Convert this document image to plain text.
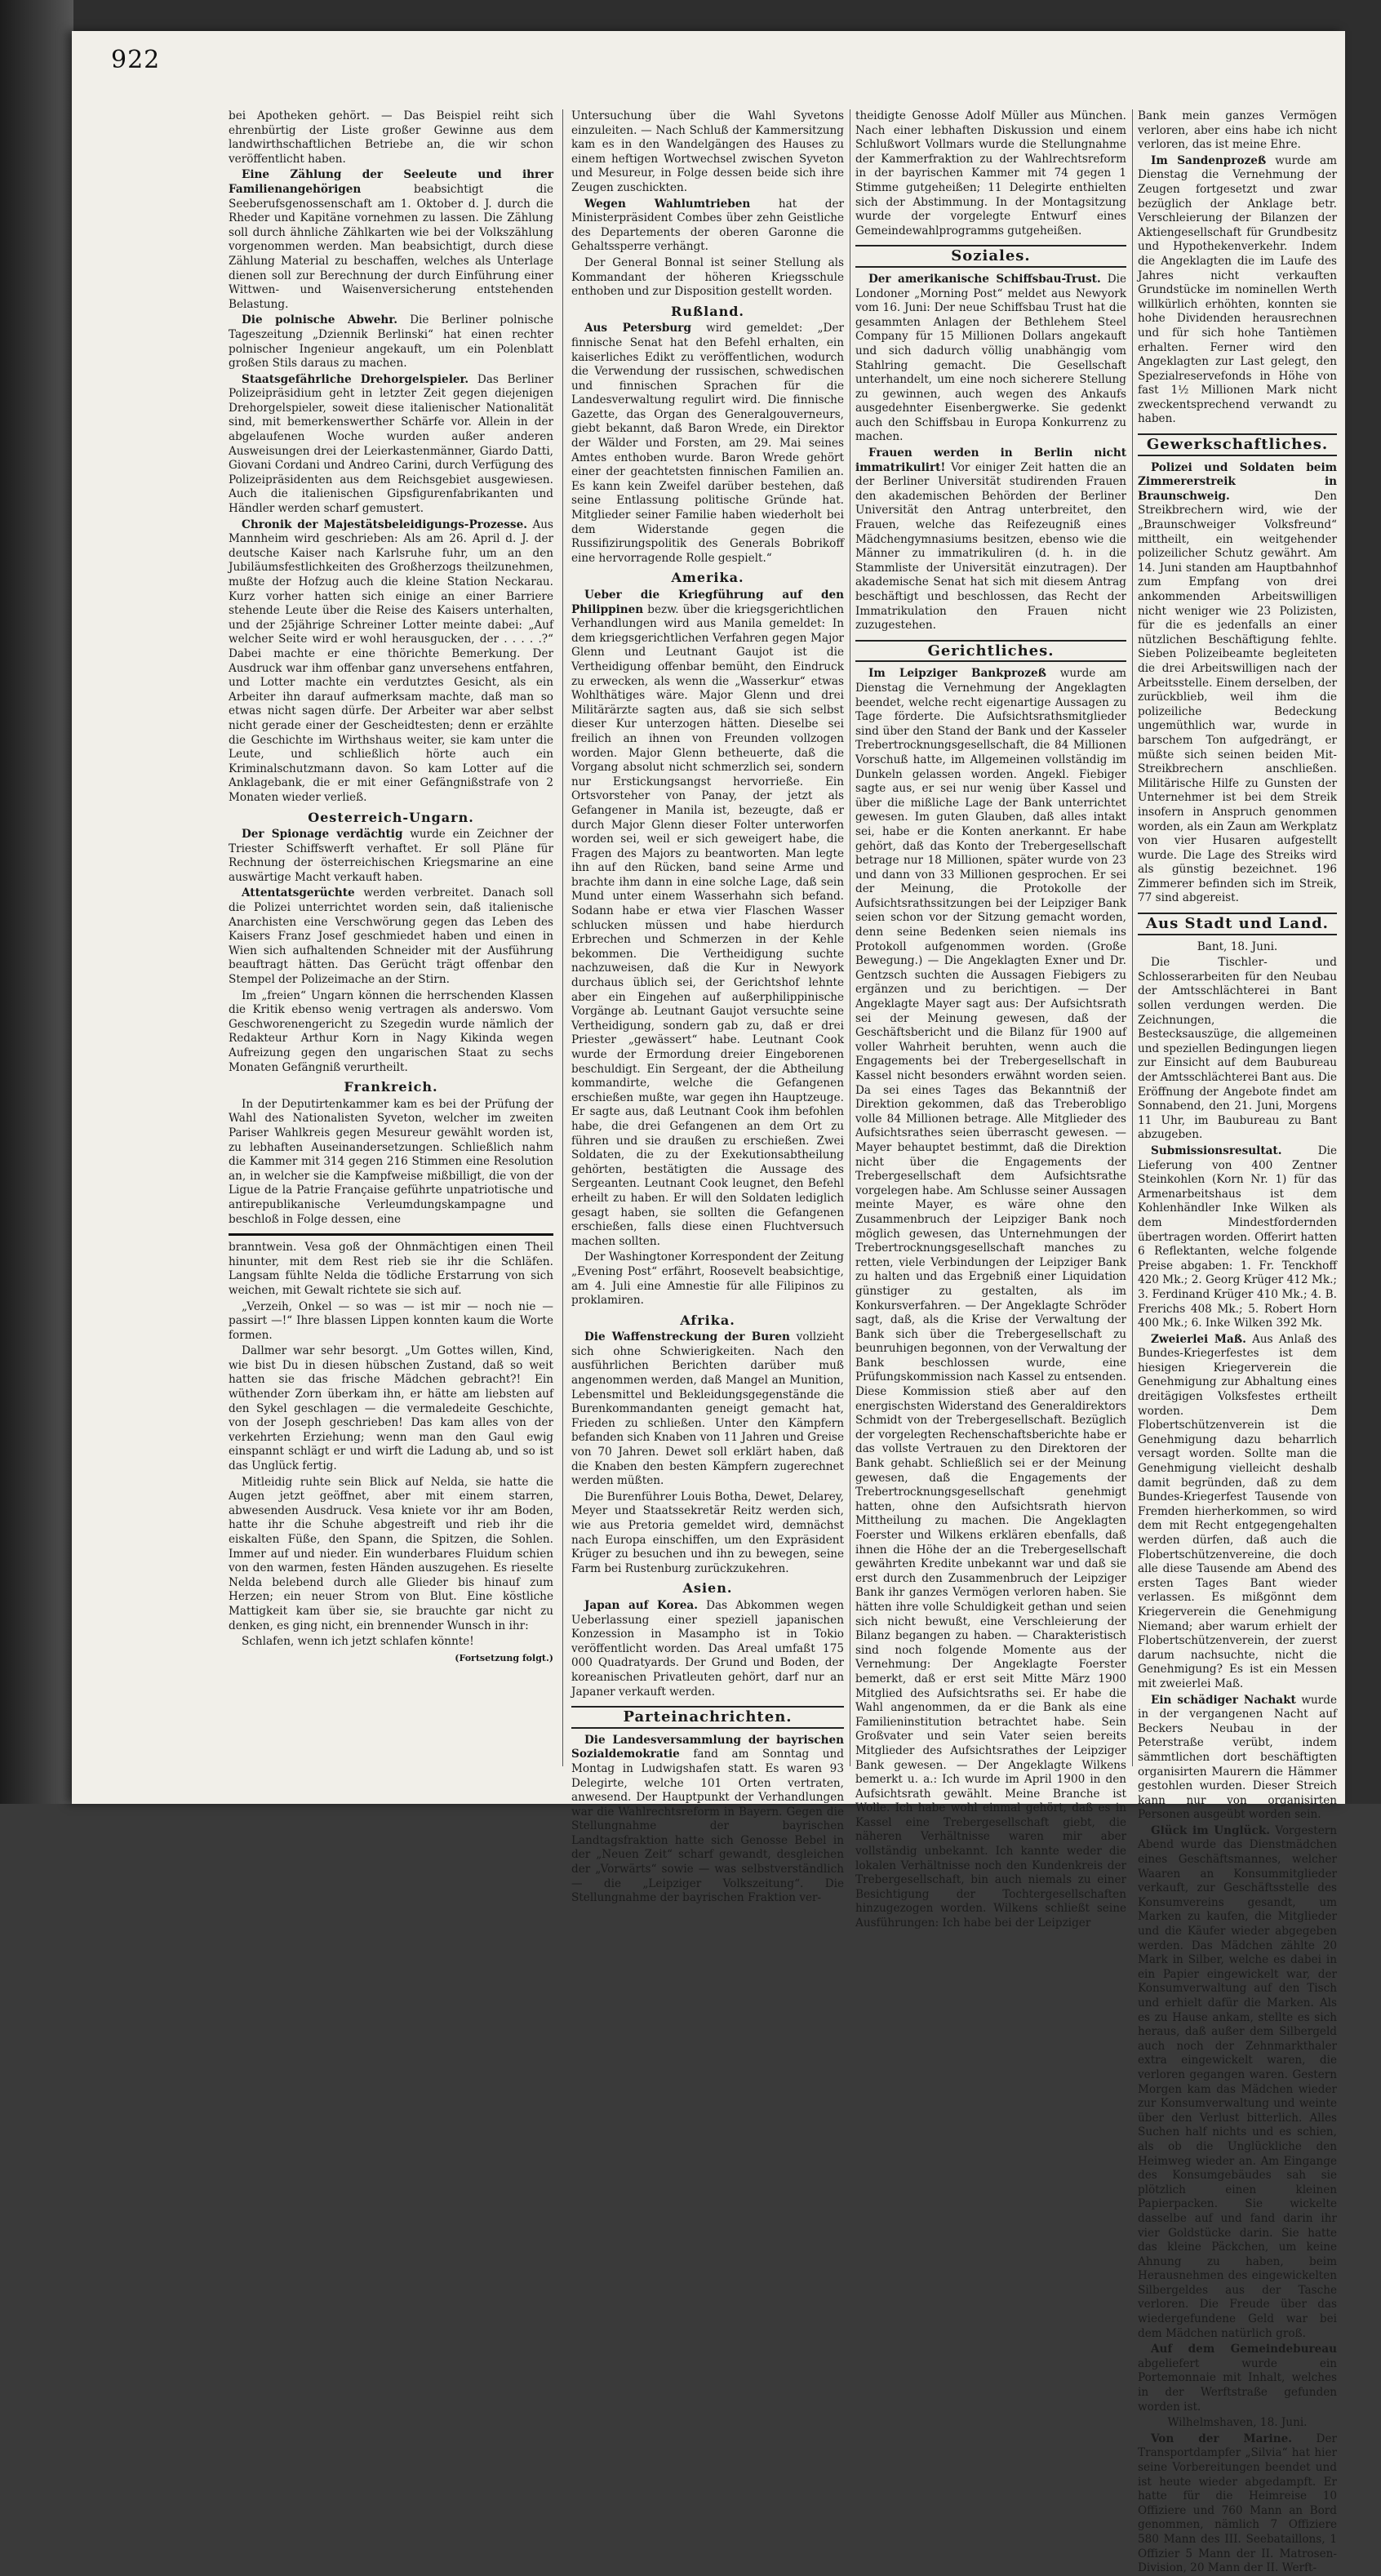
922

bei Apotheken gehört. — Das Beispiel reiht sich ehrenbürtig der Liste großer Gewinne aus dem landwirthschaftlichen Betriebe an, die wir schon veröffentlicht haben.

Eine Zählung der Seeleute und ihrer Familienangehörigen	beabsichtigt die Seeberufsgenossenschaft am 1. Oktober d. J. durch die Rheder und Kapitäne vornehmen zu lassen. Die Zählung soll durch ähnliche Zählkarten wie bei der Volkszählung vorgenommen werden. Man beabsichtigt, durch diese Zählung Material zu beschaffen, welches als Unterlage dienen soll zur Berechnung der durch Einführung einer Wittwen- und Waisenversicherung entstehenden Belastung.

Die polnische Abwehr. Die Berliner polnische Tageszeitung „Dziennik Berlinski“ hat einen rechter polnischer Ingenieur angekauft, um ein Polenblatt großen Stils daraus zu machen.

Staatsgefährliche Drehorgelspieler. Das Berliner Polizeipräsidium geht in letzter Zeit gegen diejenigen Drehorgelspieler, soweit diese italienischer Nationalität sind, mit bemerkenswerther Schärfe vor. Allein in der abgelaufenen Woche wurden außer anderen Ausweisungen drei der Leierkastenmänner, Giardo Datti, Giovani Cordani und Andreo Carini, durch Verfügung des Polizeipräsidenten aus dem Reichsgebiet ausgewiesen. Auch die italienischen Gipsfigurenfabrikanten und Händler werden scharf gemustert.

Chronik der Majestätsbeleidigungs-Prozesse. Aus Mannheim wird geschrieben: Als am 26. April d. J. der deutsche Kaiser nach Karlsruhe fuhr, um an den Jubiläumsfestlichkeiten des Großherzogs theilzunehmen, mußte der Hofzug auch die kleine Station Neckarau. Kurz vorher hatten sich einige an einer Barriere stehende Leute über die Reise des Kaisers unterhalten, und der 25jährige Schreiner Lotter meinte dabei: „Auf welcher Seite wird er wohl herausgucken, der . . . . .?“ Dabei machte er eine thörichte Bemerkung. Der Ausdruck war ihm offenbar ganz unversehens entfahren, und Lotter machte ein verdutztes Gesicht, als ein Arbeiter ihn darauf aufmerksam machte, daß man so etwas nicht sagen dürfe. Der Arbeiter war aber selbst nicht gerade einer der Gescheidtesten; denn er erzählte die Geschichte im Wirthshaus weiter, sie kam unter die Leute, und schließlich hörte auch ein Kriminalschutzmann davon. So kam Lotter auf die Anklagebank, die er mit einer Gefängnißstrafe von 2 Monaten wieder verließ.

Oesterreich-Ungarn.

Der Spionage verdächtig wurde ein Zeichner der Triester Schiffswerft verhaftet. Er soll Pläne für Rechnung der österreichischen Kriegsmarine an eine auswärtige Macht verkauft haben.

Attentatsgerüchte werden verbreitet. Danach soll die Polizei unterrichtet worden sein, daß italienische Anarchisten eine Verschwörung gegen das Leben des Kaisers Franz Josef geschmiedet haben und einen in Wien sich aufhaltenden Schneider mit der Ausführung beauftragt hätten. Das Gerücht trägt offenbar den Stempel der Polizeimache an der Stirn.

Im „freien“ Ungarn können die herrschenden Klassen die Kritik ebenso wenig vertragen als anderswo. Vom Geschworenengericht zu Szegedin wurde nämlich der Redakteur Arthur Korn in Nagy Kikinda wegen Aufreizung gegen den ungarischen Staat zu sechs Monaten Gefängniß verurtheilt.

Frankreich.

In der Deputirtenkammer kam es bei der Prüfung der Wahl des Nationalisten Syveton, welcher im zweiten Pariser Wahlkreis gegen Mesureur gewählt worden ist, zu lebhaften Auseinandersetzungen. Schließlich nahm die Kammer mit 314 gegen 216 Stimmen eine Resolution an, in welcher sie die Kampfweise mißbilligt, die von der Ligue de la Patrie Française geführte unpatriotische und antirepublikanische Verleumdungskampagne und beschloß in Folge dessen, eine

branntwein. Vesa goß der Ohnmächtigen einen Theil hinunter, mit dem Rest rieb sie ihr die Schläfen. Langsam fühlte Nelda die tödliche Erstarrung von sich weichen, mit Gewalt richtete sie sich auf.

„Verzeih, Onkel — so was — ist mir — noch nie — passirt —!“ Ihre blassen Lippen konnten kaum die Worte formen.

Dallmer war sehr besorgt. „Um Gottes willen, Kind, wie bist Du in diesen hübschen Zustand, daß so weit hatten sie das frische Mädchen gebracht?! Ein wüthender Zorn überkam ihn, er hätte am liebsten auf den Sykel geschlagen — die vermaledeite Geschichte, von der Joseph geschrieben! Das kam alles von der verkehrten Erziehung; wenn man den Gaul ewig einspannt schlägt er und wirft die Ladung ab, und so ist das Unglück fertig.

Mitleidig ruhte sein Blick auf Nelda, sie hatte die Augen jetzt geöffnet, aber mit einem starren, abwesenden Ausdruck. Vesa kniete vor ihr am Boden, hatte ihr die Schuhe abgestreift und rieb ihr die eiskalten Füße, den Spann, die Spitzen, die Sohlen. Immer auf und nieder. Ein wunderbares Fluidum schien von den warmen, festen Händen auszugehen. Es rieselte Nelda belebend durch alle Glieder bis hinauf zum Herzen; ein neuer Strom von Blut. Eine köstliche Mattigkeit kam über sie, sie brauchte gar nicht zu denken, es ging nicht, ein brennender Wunsch in ihr:

Schlafen, wenn ich jetzt schlafen könnte!

(Fortsetzung folgt.)

Untersuchung über die Wahl Syvetons einzuleiten. — Nach Schluß der Kammersitzung kam es in den Wandelgängen des Hauses zu einem heftigen Wortwechsel zwischen Syveton und Mesureur, in Folge dessen beide sich ihre Zeugen zuschickten.

Wegen Wahlumtrieben	hat der Ministerpräsident Combes über zehn Geistliche des Departements der oberen Garonne die Gehaltssperre verhängt.

Der General Bonnal ist seiner Stellung als Kommandant der höheren Kriegsschule enthoben und zur Disposition gestellt worden.

Rußland.

Aus Petersburg wird gemeldet: „Der finnische Senat hat den Befehl erhalten, ein kaiserliches Edikt zu veröffentlichen, wodurch die Verwendung der russischen, schwedischen und finnischen Sprachen für die Landesverwaltung regulirt wird. Die finnische Gazette, das Organ des Generalgouverneurs, giebt bekannt, daß Baron Wrede, ein Direktor der Wälder und Forsten, am 29. Mai seines Amtes enthoben wurde. Baron Wrede gehört einer der geachtetsten finnischen Familien an. Es kann kein Zweifel darüber bestehen, daß seine Entlassung politische Gründe hat. Mitglieder seiner Familie haben wiederholt bei dem Widerstande gegen die Russifizirungspolitik des Generals Bobrikoff eine hervorragende Rolle gespielt.“

Amerika.

Ueber die Kriegführung auf den Philippinen bezw. über die kriegsgerichtlichen Verhandlungen wird aus Manila gemeldet: In dem kriegsgerichtlichen Verfahren gegen Major Glenn und Leutnant Gaujot ist die Vertheidigung offenbar bemüht, den Eindruck zu erwecken, als wenn die „Wasserkur“ etwas Wohlthätiges wäre. Major Glenn und drei Militärärzte sagten aus, daß sie sich selbst dieser Kur unterzogen hätten. Dieselbe sei freilich an ihnen von Freunden vollzogen worden. Major Glenn betheuerte, daß die Vorgang absolut nicht schmerzlich sei, sondern nur Erstickungsangst hervorrieße. Ein Ortsvorsteher von Panay, der jetzt als Gefangener in Manila ist, bezeugte, daß er durch Major Glenn dieser Folter unterworfen worden sei, weil er sich geweigert habe, die Fragen des Majors zu beantworten. Man legte ihn auf den Rücken, band seine Arme und brachte ihm dann in eine solche Lage, daß sein Mund unter einem Wasserhahn sich befand. Sodann habe er etwa vier Flaschen Wasser schlucken müssen und habe hierdurch Erbrechen und Schmerzen in der Kehle bekommen. Die Vertheidigung suchte nachzuweisen, daß die Kur in Newyork durchaus üblich sei, der Gerichtshof lehnte aber ein Eingehen auf außerphilippinische Vorgänge ab. Leutnant Gaujot versuchte seine Vertheidigung, sondern gab zu, daß er drei Priester „gewässert“ habe. Leutnant Cook wurde der Ermordung dreier Eingeborenen beschuldigt. Ein Sergeant, der die Abtheilung kommandirte, welche die Gefangenen erschießen mußte, war gegen ihn Hauptzeuge. Er sagte aus, daß Leutnant Cook ihm befohlen habe, die drei Gefangenen an dem Ort zu führen und sie draußen zu erschießen. Zwei Soldaten, die zu der Exekutionsabtheilung gehörten, bestätigten die Aussage des Sergeanten. Leutnant Cook leugnet, den Befehl erheilt zu haben. Er will den Soldaten lediglich gesagt haben, sie sollten die Gefangenen erschießen, falls diese einen Fluchtversuch machen sollten.

Der Washingtoner Korrespondent der Zeitung „Evening Post“ erfährt, Roosevelt beabsichtige, am 4. Juli eine Amnestie für alle Filipinos zu proklamiren.

Afrika.

Die Waffenstreckung der Buren vollzieht sich ohne Schwierigkeiten. Nach den ausführlichen Berichten darüber muß angenommen werden, daß Mangel an Munition, Lebensmittel und Bekleidungsgegenstände die Burenkommandanten geneigt gemacht hat, Frieden zu schließen. Unter den Kämpfern befanden sich Knaben von 11 Jahren und Greise von 70 Jahren. Dewet soll erklärt haben, daß die Knaben den besten Kämpfern zugerechnet werden müßten.

Die Burenführer Louis Botha, Dewet, Delarey, Meyer und Staatssekretär Reitz werden sich, wie aus Pretoria gemeldet wird, demnächst nach Europa einschiffen, um den Expräsident Krüger zu besuchen und ihn zu bewegen, seine Farm bei Rustenburg zurückzukehren.

Asien.

Japan auf Korea. Das Abkommen wegen Ueberlassung einer speziell japanischen Konzession in Masampho ist in Tokio veröffentlicht worden. Das Areal umfaßt 175 000 Quadratyards. Der Grund und Boden, der koreanischen Privatleuten gehört, darf nur an Japaner verkauft werden.

Parteinachrichten.

Die Landesversammlung der bayrischen Sozialdemokratie fand am Sonntag und Montag in Ludwigshafen statt. Es waren 93 Delegirte, welche 101 Orten vertraten, anwesend. Der Hauptpunkt der Verhandlungen war die Wahlrechtsreform in Bayern. Gegen die Stellungnahme der bayrischen Landtagsfraktion hatte sich Genosse Bebel in der „Neuen Zeit“ scharf gewandt, desgleichen der „Vorwärts“ sowie — was selbstverständlich — die „Leipziger Volkszeitung“. Die Stellungnahme der bayrischen Fraktion ver-

theidigte Genosse Adolf Müller aus München. Nach einer lebhaften Diskussion und einem Schlußwort Vollmars wurde die Stellungnahme der Kammerfraktion zu der Wahlrechtsreform in der bayrischen Kammer mit 74 gegen 1 Stimme gutgeheißen; 11 Delegirte enthielten sich der Abstimmung. In der Montagsitzung wurde der vorgelegte Entwurf eines Gemeindewahlprogramms gutgeheißen.

Soziales.

Der amerikanische Schiffsbau-Trust. Die Londoner „Morning Post“ meldet aus Newyork vom 16. Juni: Der neue Schiffsbau Trust hat die gesammten Anlagen der Bethlehem Steel Company für 15 Millionen Dollars angekauft und sich dadurch völlig unabhängig vom Stahlring gemacht. Die Gesellschaft unterhandelt, um eine noch sicherere Stellung zu gewinnen, auch wegen des Ankaufs ausgedehnter Eisenbergwerke. Sie gedenkt auch den Schiffsbau in Europa Konkurrenz zu machen.

Frauen werden in Berlin nicht immatrikulirt! Vor einiger Zeit hatten die an der Berliner Universität studirenden Frauen den akademischen Behörden der Berliner Universität den Antrag unterbreitet, den Frauen, welche das Reifezeugniß eines Mädchengymnasiums besitzen, ebenso wie die Männer zu immatrikuliren (d. h. in die Stammliste der Universität einzutragen). Der akademische Senat hat sich mit diesem Antrag beschäftigt und beschlossen, das Recht der Immatrikulation den Frauen nicht zuzugestehen.

Gerichtliches.

Im Leipziger Bankprozeß wurde am Dienstag die Vernehmung der Angeklagten beendet, welche recht eigenartige Aussagen zu Tage förderte. Die Aufsichtsrathsmitglieder sind über den Stand der Bank und der Kasseler Trebertrocknungsgesellschaft, die 84 Millionen Vorschuß hatte, im Allgemeinen vollständig im Dunkeln gelassen worden. Angekl. Fiebiger sagte aus, er sei nur wenig über Kassel und über die mißliche Lage der Bank unterrichtet gewesen. Im guten Glauben, daß alles intakt sei, habe er die Konten anerkannt. Er habe gehört, daß das Konto der Trebergesellschaft betrage nur 18 Millionen, später wurde von 23 und dann von 33 Millionen gesprochen. Er sei der Meinung, die Protokolle der Aufsichtsrathssitzungen bei der Leipziger Bank seien schon vor der Sitzung gemacht worden, denn seine Bedenken seien niemals ins Protokoll aufgenommen worden. (Große Bewegung.) — Die Angeklagten Exner und Dr. Gentzsch suchten die Aussagen Fiebigers zu ergänzen und zu berichtigen. — Der Angeklagte Mayer sagt aus: Der Aufsichtsrath sei der Meinung gewesen, daß der Geschäftsbericht und die Bilanz für 1900 auf voller Wahrheit beruhten, wenn auch die Engagements bei der Trebergesellschaft in Kassel nicht besonders erwähnt worden seien. Da sei eines Tages das Bekanntniß der Direktion gekommen, daß das Treberobligo volle 84 Millionen betrage. Alle Mitglieder des Aufsichtsrathes seien überrascht gewesen. — Mayer behauptet bestimmt, daß die Direktion nicht über die Engagements der Trebergesellschaft dem Aufsichtsrathe vorgelegen habe. Am Schlusse seiner Aussagen meinte Mayer, es wäre ohne den Zusammenbruch der Leipziger Bank noch möglich gewesen, das Unternehmungen der Trebertrocknungsgesellschaft manches zu retten, viele Verbindungen der Leipziger Bank zu halten und das Ergebniß einer Liquidation günstiger zu gestalten, als im Konkursverfahren. — Der Angeklagte Schröder sagt, daß, als die Krise der Verwaltung der Bank sich über die Trebergesellschaft zu beunruhigen begonnen, von der Verwaltung der Bank beschlossen wurde, eine Prüfungskommission nach Kassel zu entsenden. Diese Kommission stieß aber auf den energischsten Widerstand des Generaldirektors Schmidt von der Trebergesellschaft. Bezüglich der vorgelegten Rechenschaftsberichte habe er das vollste Vertrauen zu den Direktoren der Bank gehabt. Schließlich sei er der Meinung gewesen, daß die Engagements der Trebertrocknungsgesellschaft genehmigt hatten, ohne den Aufsichtsrath hiervon Mittheilung zu machen. Die Angeklagten Foerster und Wilkens erklären ebenfalls, daß ihnen die Höhe der an die Trebergesellschaft gewährten Kredite unbekannt war und daß sie erst durch den Zusammenbruch der Leipziger Bank ihr ganzes Vermögen verloren haben. Sie hätten ihre volle Schuldigkeit gethan und seien sich nicht bewußt, eine Verschleierung der Bilanz begangen zu haben. — Charakteristisch sind noch folgende Momente aus der Vernehmung: Der Angeklagte Foerster bemerkt, daß er erst seit Mitte März 1900 Mitglied des Aufsichtsraths sei. Er habe die Wahl angenommen, da er die Bank als eine Familieninstitution betrachtet habe. Sein Großvater und sein Vater seien bereits Mitglieder des Aufsichtsrathes der Leipziger Bank gewesen. — Der Angeklagte Wilkens bemerkt u. a.: Ich wurde im April 1900 in den Aufsichtsrath gewählt. Meine Branche ist Wolle. Ich habe wohl einmal gehört, daß es in Kassel eine Trebergesellschaft giebt, die näheren Verhältnisse waren mir aber vollständig unbekannt. Ich kannte weder die lokalen Verhältnisse noch den Kundenkreis der Trebergesellschaft, bin auch niemals zu einer Besichtigung der Tochtergesellschaften hinzugezogen worden. Wilkens schließt seine Ausführungen: Ich habe bei der Leipziger

Bank mein ganzes Vermögen verloren, aber eins habe ich nicht verloren, das ist meine Ehre.

Im Sandenprozeß wurde am Dienstag die Vernehmung der Zeugen fortgesetzt und zwar bezüglich der Anklage betr. Verschleierung der Bilanzen der Aktiengesellschaft für Grundbesitz und Hypothekenverkehr. Indem die Angeklagten die im Laufe des Jahres nicht verkauften Grundstücke im nominellen Werth willkürlich erhöhten, konnten sie hohe Dividenden herausrechnen und für sich hohe Tantièmen erhalten. Ferner wird den Angeklagten zur Last gelegt, den Spezialreservefonds in Höhe von fast 1½ Millionen Mark nicht zweckentsprechend verwandt zu haben.

Gewerkschaftliches.

Polizei und Soldaten beim Zimmererstreik in Braunschweig.	Den Streikbrechern wird, wie der „Braunschweiger Volksfreund“ mittheilt, ein weitgehender polizeilicher Schutz gewährt. Am 14. Juni standen am Hauptbahnhof zum Empfang von drei ankommenden Arbeitswilligen nicht weniger wie 23 Polizisten, für die es jedenfalls an einer nützlichen Beschäftigung fehlte. Sieben Polizeibeamte begleiteten die drei Arbeitswilligen nach der Arbeitsstelle. Einem derselben, der zurückblieb, weil ihm die polizeiliche Bedeckung ungemüthlich war, wurde in barschem Ton aufgedrängt, er müßte sich seinen beiden Mit-Streikbrechern anschließen. Militärische Hilfe zu Gunsten der Unternehmer ist bei dem Streik insofern in Anspruch genommen worden, als ein Zaun am Werkplatz von vier Husaren aufgestellt wurde. Die Lage des Streiks wird als günstig bezeichnet. 196 Zimmerer befinden sich im Streik, 77 sind abgereist.

Aus Stadt und Land.

Bant, 18. Juni.

Die Tischler- und Schlosserarbeiten für den Neubau der Amtsschlächterei in Bant sollen verdungen werden. Die Zeichnungen, die Bestecksauszüge, die allgemeinen und speziellen Bedingungen liegen zur Einsicht auf dem Baubureau der Amtsschlächterei Bant aus. Die Eröffnung der Angebote findet am Sonnabend, den 21. Juni, Morgens 11 Uhr, im Baubureau zu Bant abzugeben.

Submissionsresultat.	Die Lieferung von 400 Zentner Steinkohlen (Korn Nr. 1) für das Armenarbeitshaus ist dem Kohlenhändler Inke Wilken als dem Mindestfordernden übertragen worden. Offerirt hatten 6 Reflektanten, welche folgende Preise abgaben: 1. Fr. Tenckhoff 420 Mk.; 2. Georg Krüger 412 Mk.; 3. Ferdinand Krüger 410 Mk.; 4. B. Frerichs 408 Mk.; 5. Robert Horn 400 Mk.; 6. Inke Wilken 392 Mk.

Zweierlei Maß. Aus Anlaß des Bundes-Kriegerfestes ist dem hiesigen Kriegerverein die Genehmigung zur Abhaltung eines dreitägigen Volksfestes ertheilt worden. Dem Flobertschützenverein ist die Genehmigung dazu beharrlich versagt worden. Sollte man die Genehmigung vielleicht deshalb damit begründen, daß zu dem Bundes-Kriegerfest Tausende von Fremden hierherkommen, so wird dem mit Recht entgegengehalten werden dürfen, daß auch die Flobertschützenvereine, die doch alle diese Tausende am Abend des ersten Tages Bant wieder verlassen. Es mißgönnt dem Kriegerverein die Genehmigung Niemand; aber warum erhielt der Flobertschützenverein, der zuerst darum nachsuchte, nicht die Genehmigung? Es ist ein Messen mit zweierlei Maß.

Ein schädiger Nachakt wurde in der vergangenen Nacht auf Beckers Neubau in der Peterstraße verübt, indem sämmtlichen dort beschäftigten organisirten Maurern die Hämmer gestohlen wurden. Dieser Streich kann nur von organisirten Personen ausgeübt worden sein.

Glück im Unglück. Vorgestern Abend wurde das Dienstmädchen eines Geschäftsmannes, welcher Waaren an Konsummitglieder verkauft, zur Geschäftsstelle des Konsumvereins gesandt, um Marken zu kaufen, die Mitglieder und die Käufer wieder abgegeben werden. Das Mädchen zählte 20 Mark in Silber, welche es dabei in ein Papier eingewickelt war, der Konsumverwaltung auf den Tisch und erhielt dafür die Marken. Als es zu Hause ankam, stellte es sich heraus, daß außer dem Silbergeld auch noch der Zehnmarkthaler extra eingewickelt waren, die verloren gegangen waren. Gestern Morgen kam das Mädchen wieder zur Konsumverwaltung und weinte über den Verlust bitterlich. Alles Suchen half nichts und es schien, als ob die Unglückliche den Heimweg wieder an. Am Eingange des Konsumgebäudes sah sie plötzlich einen kleinen Papierpacken. Sie wickelte dasselbe auf und fand darin ihr vier Goldstücke darin. Sie hatte das kleine Päckchen, um keine Ahnung zu haben, beim Herausnehmen des eingewickelten Silbergeldes aus der Tasche verloren. Die Freude über das wiedergefundene Geld war bei dem Mädchen natürlich groß.

Auf dem Gemeindebureau abgeliefert wurde ein Portemonnaie mit Inhalt, welches in der Werftstraße gefunden worden ist.

Wilhelmshaven, 18. Juni.

Von der Marine. Der Transportdampfer „Silvia“ hat hier seine Vorbereitungen beendet und ist heute wieder abgedampft. Er hatte für die Heimreise 10 Offiziere und 760 Mann an Bord genommen, nämlich 7 Offiziere 580 Mann des III. Seebataillons, 1 Offizier 5 Mann der II. Matrosen-Division, 20 Mann der II. Werft-
